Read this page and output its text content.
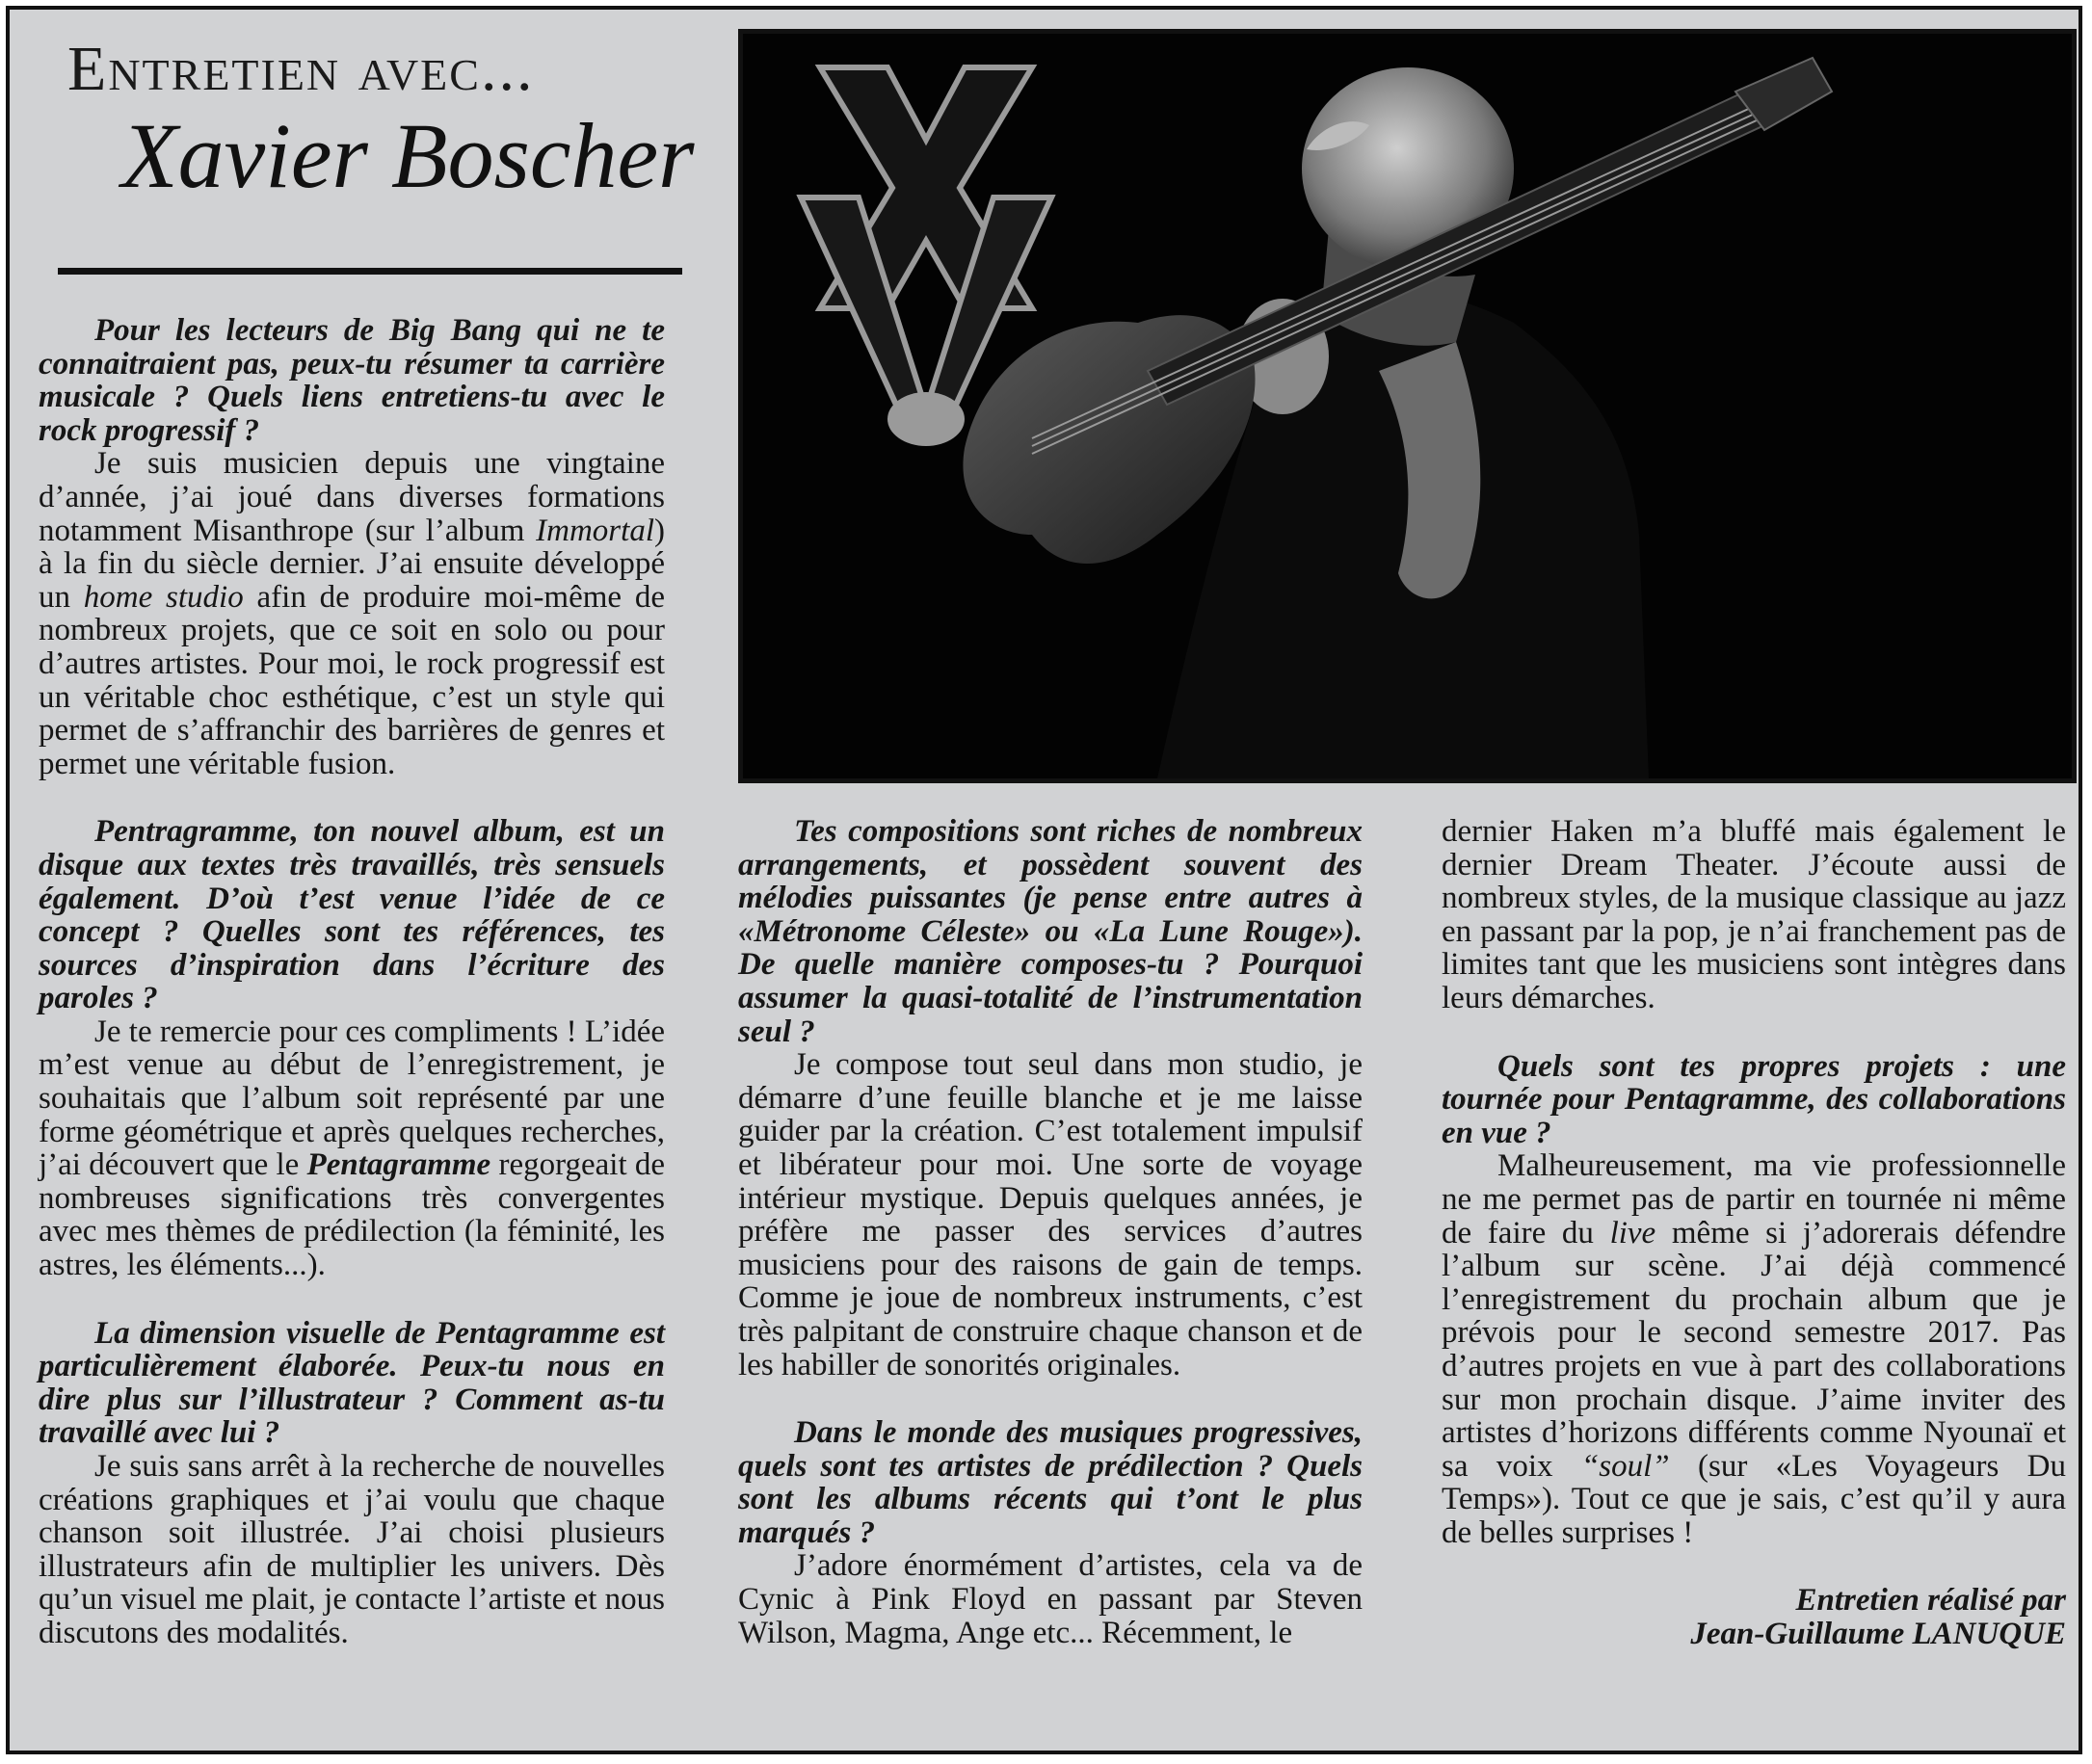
Entretien avec...
Xavier Boscher

Pour les lecteurs de Big Bang qui ne te connaitraient pas, peux-tu résumer ta carrière musicale ? Quels liens entretiens-tu avec le rock progressif ?

Je suis musicien depuis une vingtaine d’année, j’ai joué dans diverses formations notamment Misanthrope (sur l’album Immortal) à la fin du siècle dernier. J’ai ensuite développé un home studio afin de produire moi-même de nombreux projets, que ce soit en solo ou pour d’autres artistes. Pour moi, le rock progressif est un véritable choc esthétique, c’est un style qui permet de s’affranchir des barrières de genres et permet une véritable fusion.

Pentragramme, ton nouvel album, est un disque aux textes très travaillés, très sensuels également. D’où t’est venue l’idée de ce concept ? Quelles sont tes références, tes sources d’inspiration dans l’écriture des paroles ?

Je te remercie pour ces compliments ! L’idée m’est venue au début de l’enregistrement, je souhaitais que l’album soit représenté par une forme géométrique et après quelques recherches, j’ai découvert que le Pentagramme regorgeait de nombreuses significations très convergentes avec mes thèmes de prédilection (la féminité, les astres, les éléments...).

La dimension visuelle de Pentagramme est particulièrement élaborée. Peux-tu nous en dire plus sur l’illustrateur ? Comment as-tu travaillé avec lui ?

Je suis sans arrêt à la recherche de nouvelles créations graphiques et j’ai voulu que chaque chanson soit illustrée. J’ai choisi plusieurs illustrateurs afin de multiplier les univers. Dès qu’un visuel me plait, je contacte l’artiste et nous discutons des modalités.

Tes compositions sont riches de nombreux arrangements, et possèdent souvent des mélodies puissantes (je pense entre autres à «Métronome Céleste» ou «La Lune Rouge»). De quelle manière composes-tu ? Pourquoi assumer la quasi-totalité de l’instrumentation seul ?

Je compose tout seul dans mon studio, je démarre d’une feuille blanche et je me laisse guider par la création. C’est totalement impulsif et libérateur pour moi. Une sorte de voyage intérieur mystique. Depuis quelques années, je préfère me passer des services d’autres musiciens pour des raisons de gain de temps. Comme je joue de nombreux instruments, c’est très palpitant de construire chaque chanson et de les habiller de sonorités originales.

Dans le monde des musiques progressives, quels sont tes artistes de prédilection ? Quels sont les albums récents qui t’ont le plus marqués ?

J’adore énormément d’artistes, cela va de Cynic à Pink Floyd en passant par Steven Wilson, Magma, Ange etc... Récemment, le

dernier Haken m’a bluffé mais également le dernier Dream Theater. J’écoute aussi de nombreux styles, de la musique classique au jazz en passant par la pop, je n’ai franchement pas de limites tant que les musiciens sont intègres dans leurs démarches.

Quels sont tes propres projets : une tournée pour Pentagramme, des collaborations en vue ?

Malheureusement, ma vie professionnelle ne me permet pas de partir en tournée ni même de faire du live même si j’adorerais défendre l’album sur scène. J’ai déjà commencé l’enregistrement du prochain album que je prévois pour le second semestre 2017. Pas d’autres projets en vue à part des collaborations sur mon prochain disque. J’aime inviter des artistes d’horizons différents comme Nyounaï et sa voix “soul” (sur «Les Voyageurs Du Temps»). Tout ce que je sais, c’est qu’il y aura de belles surprises !

Entretien réalisé par

Jean-Guillaume LANUQUE
